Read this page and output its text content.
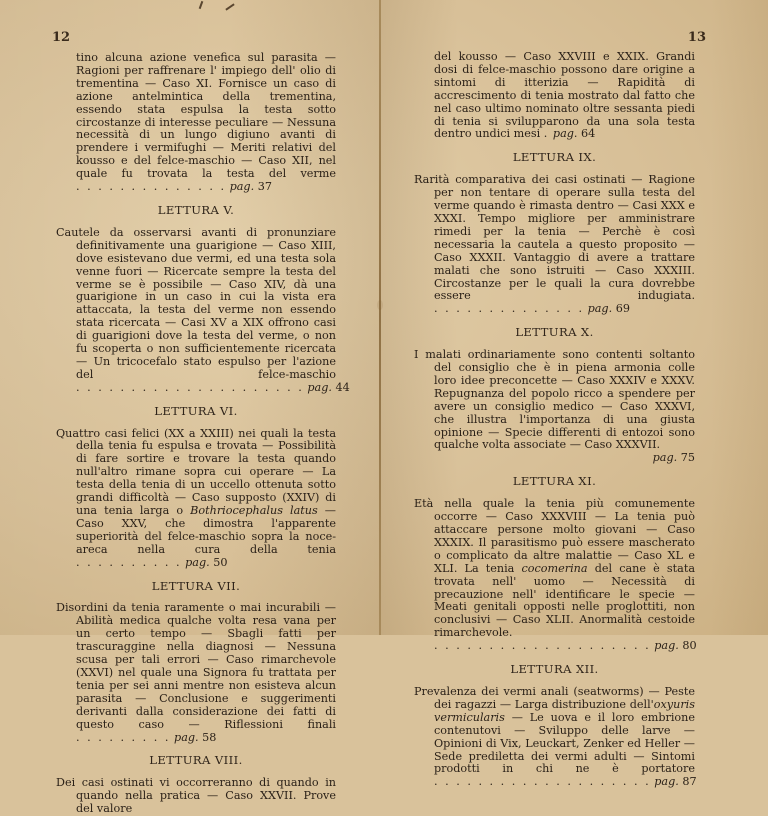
12

tino alcuna azione venefica sul parasita — Ragioni per raffrenare l' impiego dell' olio di trementina — Caso XI. Fornisce un caso di azione antelmintica della trementina, essendo stata espulsa la testa sotto circostanze di interesse peculiare — Nessuna necessità di un lungo digiuno avanti di prendere i vermifughi — Meriti relativi del kousso e del felce-maschio — Caso XII, nel quale fu trovata la testa del verme . . . . . . . . . . . . . . pag. 37

LETTURA V.

Cautele da osservarsi avanti di pronunziare definitivamente una guarigione — Caso XIII, dove esistevano due vermi, ed una testa sola venne fuori — Ricercate sempre la testa del verme se è possibile — Caso XIV, dà una guarigione in un caso in cui la vista era attaccata, la testa del verme non essendo stata ricercata — Casi XV a XIX offrono casi di guarigioni dove la testa del verme, o non fu scoperta o non sufficientemente ricercata — Un tricocefalo stato espulso per l'azione del felce-maschio . . . . . . . . . . . . . . . . . . . . . pag. 44

LETTURA VI.

Quattro casi felici (XX a XXIII) nei quali la testa della tenia fu espulsa e trovata — Possibilità di fare sortire e trovare la testa quando null'altro rimane sopra cui operare — La testa della tenia di un uccello ottenuta sotto grandi difficoltà — Caso supposto (XXIV) di una tenia larga o Bothriocephalus latus — Caso XXV, che dimostra l'apparente superiorità del felce-maschio sopra la noce-areca nella cura della tenia . . . . . . . . . . pag. 50

LETTURA VII.

Disordini da tenia raramente o mai incurabili — Abilità medica qualche volta resa vana per un certo tempo — Sbagli fatti per trascuraggine nella diagnosi — Nessuna scusa per tali errori — Caso rimarchevole (XXVI) nel quale una Signora fu trattata per tenia per sei anni mentre non esisteva alcun parasita — Conclusione e suggerimenti derivanti dalla considerazione dei fatti di questo caso — Riflessioni finali . . . . . . . . . pag. 58

LETTURA VIII.

Dei casi ostinati vi occorreranno di quando in quando nella pratica — Caso XXVII. Prove del valore

13

del kousso — Caso XXVIII e XXIX. Grandi dosi di felce-maschio possono dare origine a sintomi di itterizia — Rapidità di accrescimento di tenia mostrato dal fatto che nel caso ultimo nominato oltre sessanta piedi di tenia si svilupparono da una sola testa dentro undici mesi . pag. 64

LETTURA IX.

Rarità comparativa dei casi ostinati — Ragione per non tentare di operare sulla testa del verme quando è rimasta dentro — Casi XXX e XXXI. Tempo migliore per amministrare rimedi per la tenia — Perchè è così necessaria la cautela a questo proposito — Caso XXXII. Vantaggio di avere a trattare malati che sono istruiti — Caso XXXIII. Circostanze per le quali la cura dovrebbe essere indugiata. . . . . . . . . . . . . . . pag. 69

LETTURA X.

I malati ordinariamente sono contenti soltanto del consiglio che è in piena armonia colle loro idee preconcette — Caso XXXIV e XXXV. Repugnanza del popolo ricco a spendere per avere un consiglio medico — Caso XXXVI, che illustra l'importanza di una giusta opinione — Specie differenti di entozoi sono qualche volta associate — Caso XXXVII.
pag. 75

LETTURA XI.

Età nella quale la tenia più comunemente occorre — Caso XXXVIII — La tenia può attaccare persone molto giovani — Caso XXXIX. Il parasitismo può essere mascherato o complicato da altre malattie — Caso XL e XLI. La tenia cocomerina del cane è stata trovata nell' uomo — Necessità di precauzione nell' identificare le specie — Meati genitali opposti nelle proglottiti, non conclusivi — Caso XLII. Anormalità cestoide rimarchevole. . . . . . . . . . . . . . . . . . . . . pag. 80

LETTURA XII.

Prevalenza dei vermi anali (seatworms) — Peste dei ragazzi — Larga distribuzione dell'oxyuris vermicularis — Le uova e il loro embrione contenutovi — Sviluppo delle larve — Opinioni di Vix, Leuckart, Zenker ed Heller — Sede prediletta dei vermi adulti — Sintomi prodotti in chi ne è portatore . . . . . . . . . . . . . . . . . . . . pag. 87
